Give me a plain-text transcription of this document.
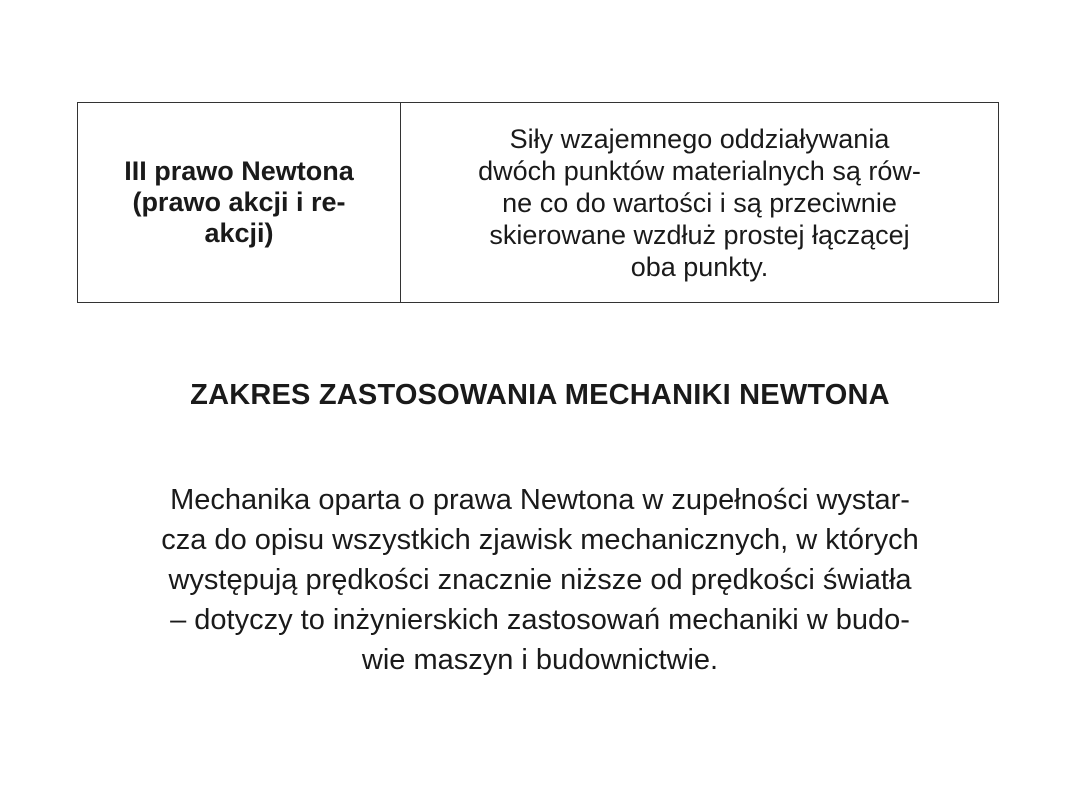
III prawo Newtona
(prawo akcji i re-
akcji)

Siły wzajemnego oddziaływania
dwóch punktów materialnych są rów-
ne co do wartości i są przeciwnie
skierowane wzdłuż prostej łączącej
oba punkty.
ZAKRES ZASTOSOWANIA MECHANIKI NEWTONA
Mechanika oparta o prawa Newtona w zupełności wystar-
cza do opisu wszystkich zjawisk mechanicznych, w których
występują prędkości znacznie niższe od prędkości światła
– dotyczy to inżynierskich zastosowań mechaniki w budo-
wie maszyn i budownictwie.
